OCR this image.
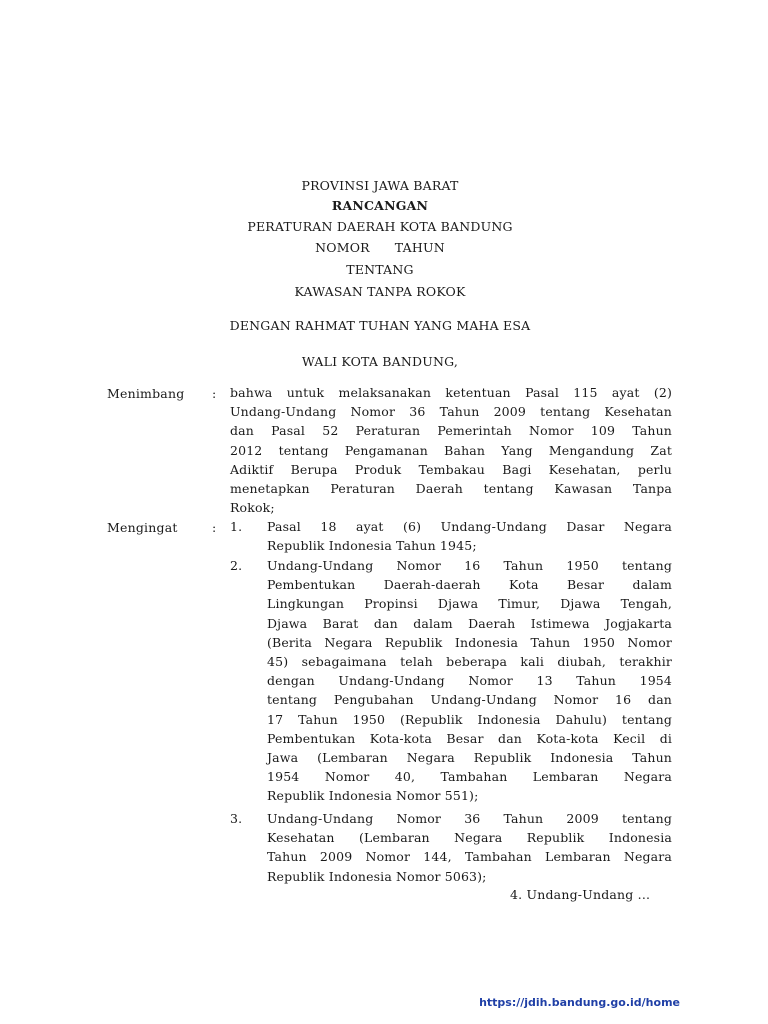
PROVINSI JAWA BARAT
RANCANGAN
PERATURAN DAERAH KOTA BANDUNG
NOMOR      TAHUN
TENTANG
KAWASAN TANPA ROKOK
DENGAN RAHMAT TUHAN YANG MAHA ESA
WALI KOTA BANDUNG,
Menimbang : bahwa untuk melaksanakan ketentuan Pasal 115 ayat (2)
Undang-Undang Nomor 36 Tahun 2009 tentang Kesehatan
dan Pasal 52 Peraturan Pemerintah Nomor 109 Tahun
2012 tentang Pengamanan Bahan Yang Mengandung Zat
Adiktif Berupa Produk Tembakau Bagi Kesehatan, perlu
menetapkan Peraturan Daerah tentang Kawasan Tanpa
Rokok;
Mengingat	: 1. Pasal 18 ayat (6) Undang-Undang Dasar Negara
Republik Indonesia Tahun 1945;
2. Undang-Undang Nomor 16 Tahun 1950 tentang
Pembentukan Daerah-daerah Kota Besar dalam
Lingkungan Propinsi Djawa Timur, Djawa Tengah,
Djawa Barat dan dalam Daerah Istimewa Jogjakarta
(Berita Negara Republik Indonesia Tahun 1950 Nomor
45) sebagaimana telah beberapa kali diubah, terakhir
dengan Undang-Undang Nomor 13 Tahun 1954
tentang Pengubahan Undang-Undang Nomor 16 dan
17 Tahun 1950 (Republik Indonesia Dahulu) tentang
Pembentukan Kota-kota Besar dan Kota-kota Kecil di
Jawa (Lembaran Negara Republik Indonesia Tahun
1954 Nomor 40, Tambahan Lembaran Negara
Republik Indonesia Nomor 551);
3. Undang-Undang Nomor 36 Tahun 2009 tentang
Kesehatan (Lembaran Negara Republik Indonesia
Tahun 2009 Nomor 144, Tambahan Lembaran Negara
Republik Indonesia Nomor 5063);
4. Undang-Undang ...
https://jdih.bandung.go.id/home
